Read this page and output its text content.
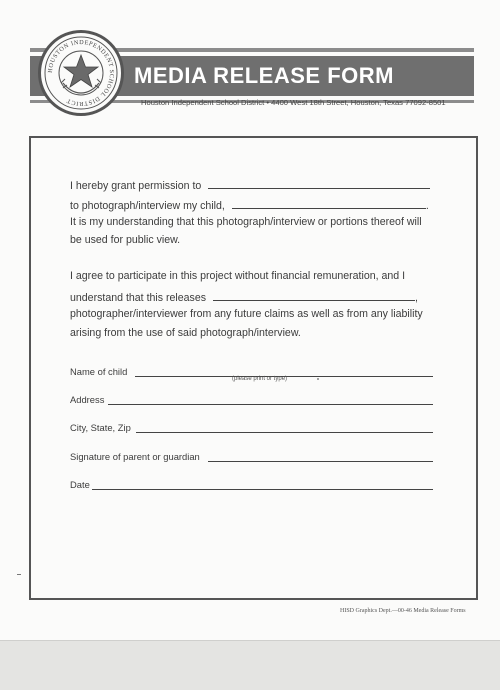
HOUSTON INDEPENDENT SCHOOL DISTRICT
MEDIA RELEASE FORM
Houston Independent School District • 4400 West 18th Street, Houston, Texas 77092-8501
I hereby grant permission to
to photograph/interview my child,	.
It is my understanding that this photograph/interview or portions thereof will
be used for public view.
I agree to participate in this project without financial remuneration, and I
understand that this releases	,
photographer/interviewer from any future claims as well as from any liability
arising from the use of said photograph/interview.
Name of child
(please print or type)
Address
City, State, Zip
Signature of parent or guardian
Date
HISD Graphics Dept.—00-46 Media Release Forms
